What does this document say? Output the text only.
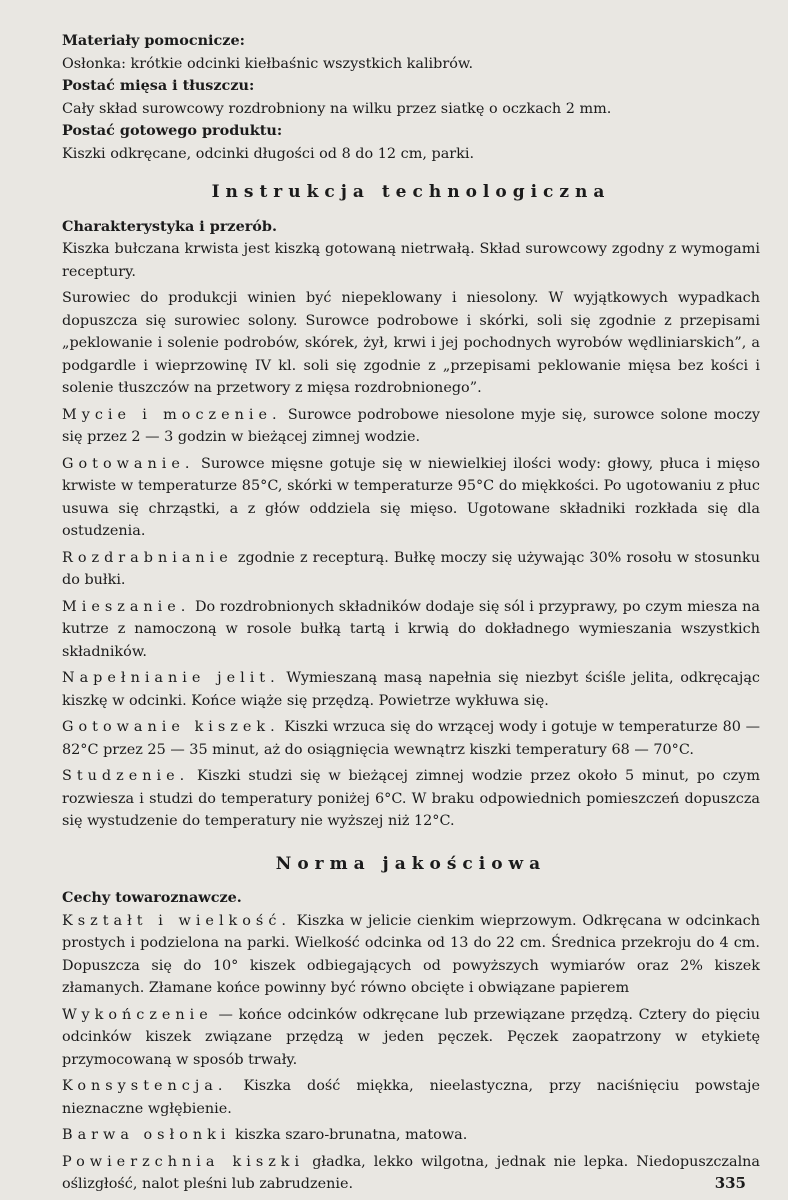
Materiały pomocnicze:

Osłonka: krótkie odcinki kiełbaśnic wszystkich kalibrów.

Postać mięsa i tłuszczu:

Cały skład surowcowy rozdrobniony na wilku przez siatkę o oczkach 2 mm.

Postać gotowego produktu:

Kiszki odkręcane, odcinki długości od 8 do 12 cm, parki.

Instrukcja technologiczna

Charakterystyka i przerób.

Kiszka bułczana krwista jest kiszką gotowaną nietrwałą. Skład surowcowy zgodny z wymogami receptury.

Surowiec do produkcji winien być niepeklowany i niesolony. W wyjątkowych wypadkach dopuszcza się surowiec solony. Surowce podrobowe i skórki, soli się zgodnie z przepisami „peklowanie i solenie podrobów, skórek, żył, krwi i jej pochodnych wyrobów wędliniarskich”, a podgardle i wieprzowinę IV kl. soli się zgodnie z „przepisami peklowanie mięsa bez kości i solenie tłuszczów na przetwory z mięsa rozdrobnionego”.

Mycie i moczenie. Surowce podrobowe niesolone myje się, surowce solone moczy się przez 2 — 3 godzin w bieżącej zimnej wodzie.

Gotowanie. Surowce mięsne gotuje się w niewielkiej ilości wody: głowy, płuca i mięso krwiste w temperaturze 85°C, skórki w temperaturze 95°C do miękkości. Po ugotowaniu z płuc usuwa się chrząstki, a z głów oddziela się mięso. Ugotowane składniki rozkłada się dla ostudzenia.

Rozdrabnianie zgodnie z recepturą. Bułkę moczy się używając 30% rosołu w stosunku do bułki.

Mieszanie. Do rozdrobnionych składników dodaje się sól i przyprawy, po czym miesza na kutrze z namoczoną w rosole bułką tartą i krwią do dokładnego wymieszania wszystkich składników.

Napełnianie jelit. Wymieszaną masą napełnia się niezbyt ściśle jelita, odkręcając kiszkę w odcinki. Końce wiąże się przędzą. Powietrze wykłuwa się.

Gotowanie kiszek. Kiszki wrzuca się do wrzącej wody i gotuje w temperaturze 80 — 82°C przez 25 — 35 minut, aż do osiągnięcia wewnątrz kiszki temperatury 68 — 70°C.

Studzenie. Kiszki studzi się w bieżącej zimnej wodzie przez około 5 minut, po czym rozwiesza i studzi do temperatury poniżej 6°C. W braku odpowiednich pomieszczeń dopuszcza się wystudzenie do temperatury nie wyższej niż 12°C.

Norma jakościowa

Cechy towaroznawcze.

Kształt i wielkość. Kiszka w jelicie cienkim wieprzowym. Odkręcana w odcinkach prostych i podzielona na parki. Wielkość odcinka od 13 do 22 cm. Średnica przekroju do 4 cm. Dopuszcza się do 10° kiszek odbiegających od powyższych wymiarów oraz 2% kiszek złamanych. Złamane końce powinny być równo obcięte i obwiązane papierem

Wykończenie — końce odcinków odkręcane lub przewiązane przędzą. Cztery do pięciu odcinków kiszek związane przędzą w jeden pęczek. Pęczek zaopatrzony w etykietę przymocowaną w sposób trwały.

Konsystencja. Kiszka dość miękka, nieelastyczna, przy naciśnięciu powstaje nieznaczne wgłębienie.

Barwa osłonki kiszka szaro-brunatna, matowa.

Powierzchnia kiszki gładka, lekko wilgotna, jednak nie lepka. Niedopuszczalna oślizgłość, nalot pleśni lub zabrudzenie.	335
